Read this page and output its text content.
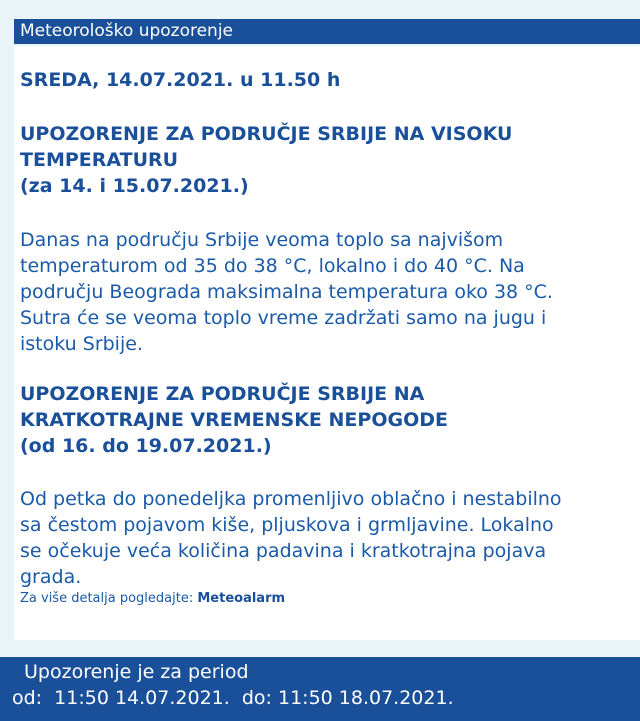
Meteorološko upozorenje
SREDA, 14.07.2021. u 11.50 h
UPOZORENJE ZA PODRUČJE SRBIJE NA VISOKU
TEMPERATURU
(za 14. i 15.07.2021.)
Danas na području Srbije veoma toplo sa najvišom
temperaturom od 35 do 38 °C, lokalno i do 40 °C. Na
području Beograda maksimalna temperatura oko 38 °C.
Sutra će se veoma toplo vreme zadržati samo na jugu i
istoku Srbije.
UPOZORENJE ZA PODRUČJE SRBIJE NA
KRATKOTRAJNE VREMENSKE NEPOGODE
(od 16. do 19.07.2021.)
Od petka do ponedeljka promenljivo oblačno i nestabilno
sa čestom pojavom kiše, pljuskova i grmljavine. Lokalno
se očekuje veća količina padavina i kratkotrajna pojava
grada.
Za više detalja pogledajte: Meteoalarm
Upozorenje je za period
od:  11:50 14.07.2021.  do: 11:50 18.07.2021.
